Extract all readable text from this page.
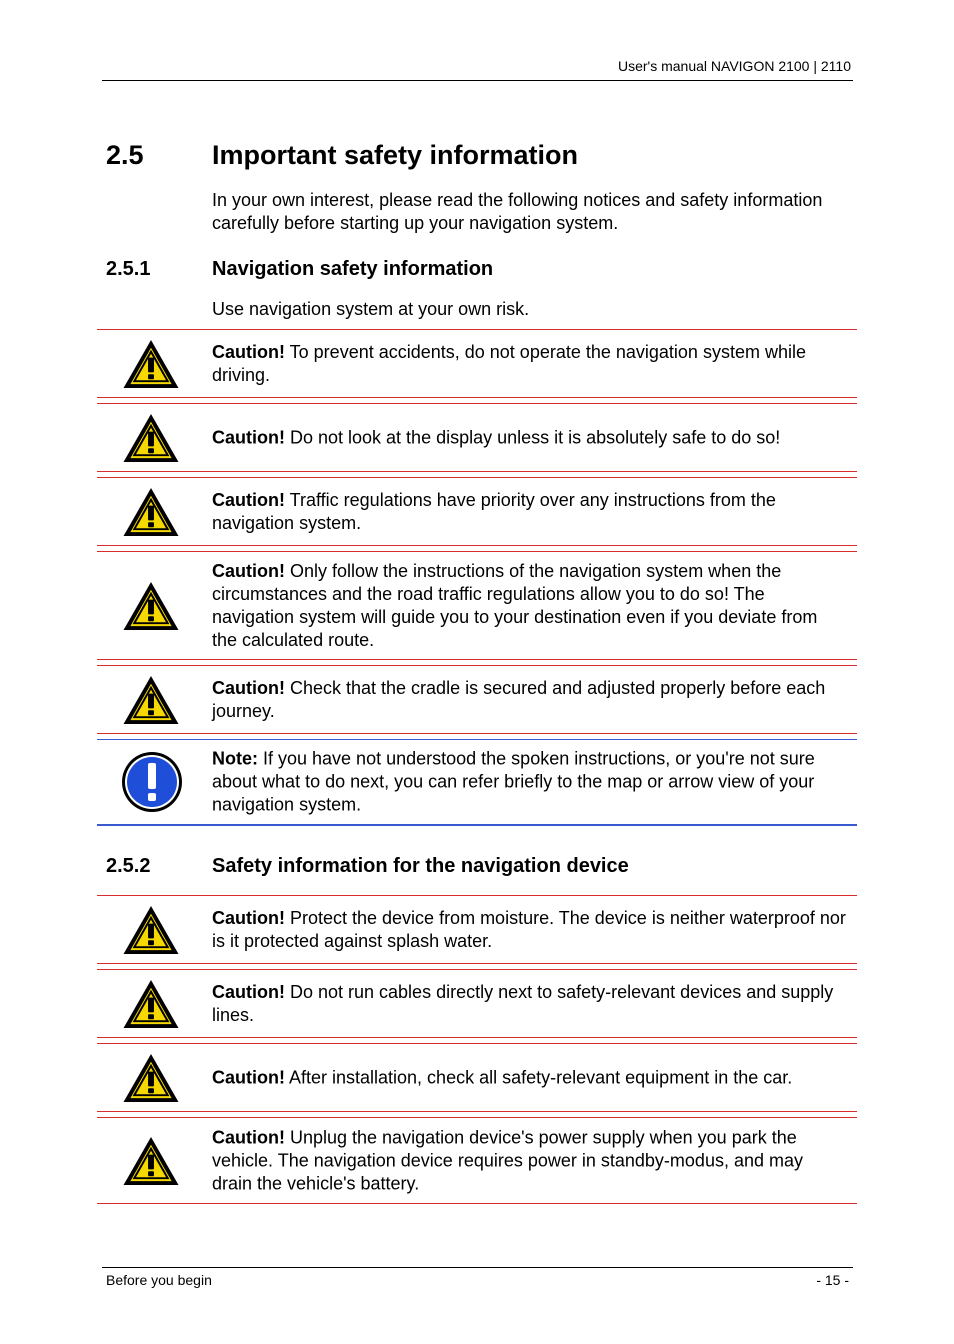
User's manual NAVIGON 2100 | 2110
2.5	Important safety information
In your own interest, please read the following notices and safety information carefully before starting up your navigation system.
2.5.1	Navigation safety information
Use navigation system at your own risk.
Caution! To prevent accidents, do not operate the navigation system while driving.
Caution! Do not look at the display unless it is absolutely safe to do so!
Caution! Traffic regulations have priority over any instructions from the navigation system.
Caution! Only follow the instructions of the navigation system when the circumstances and the road traffic regulations allow you to do so! The navigation system will guide you to your destination even if you deviate from the calculated route.
Caution! Check that the cradle is secured and adjusted properly before each journey.
Note: If you have not understood the spoken instructions, or you're not sure about what to do next, you can refer briefly to the map or arrow view of your navigation system.
2.5.2	Safety information for the navigation device
Caution! Protect the device from moisture. The device is neither waterproof nor is it protected against splash water.
Caution! Do not run cables directly next to safety-relevant devices and supply lines.
Caution! After installation, check all safety-relevant equipment in the car.
Caution! Unplug the navigation device's power supply when you park the vehicle. The navigation device requires power in standby-modus, and may drain the vehicle's battery.
Before you begin	- 15 -
